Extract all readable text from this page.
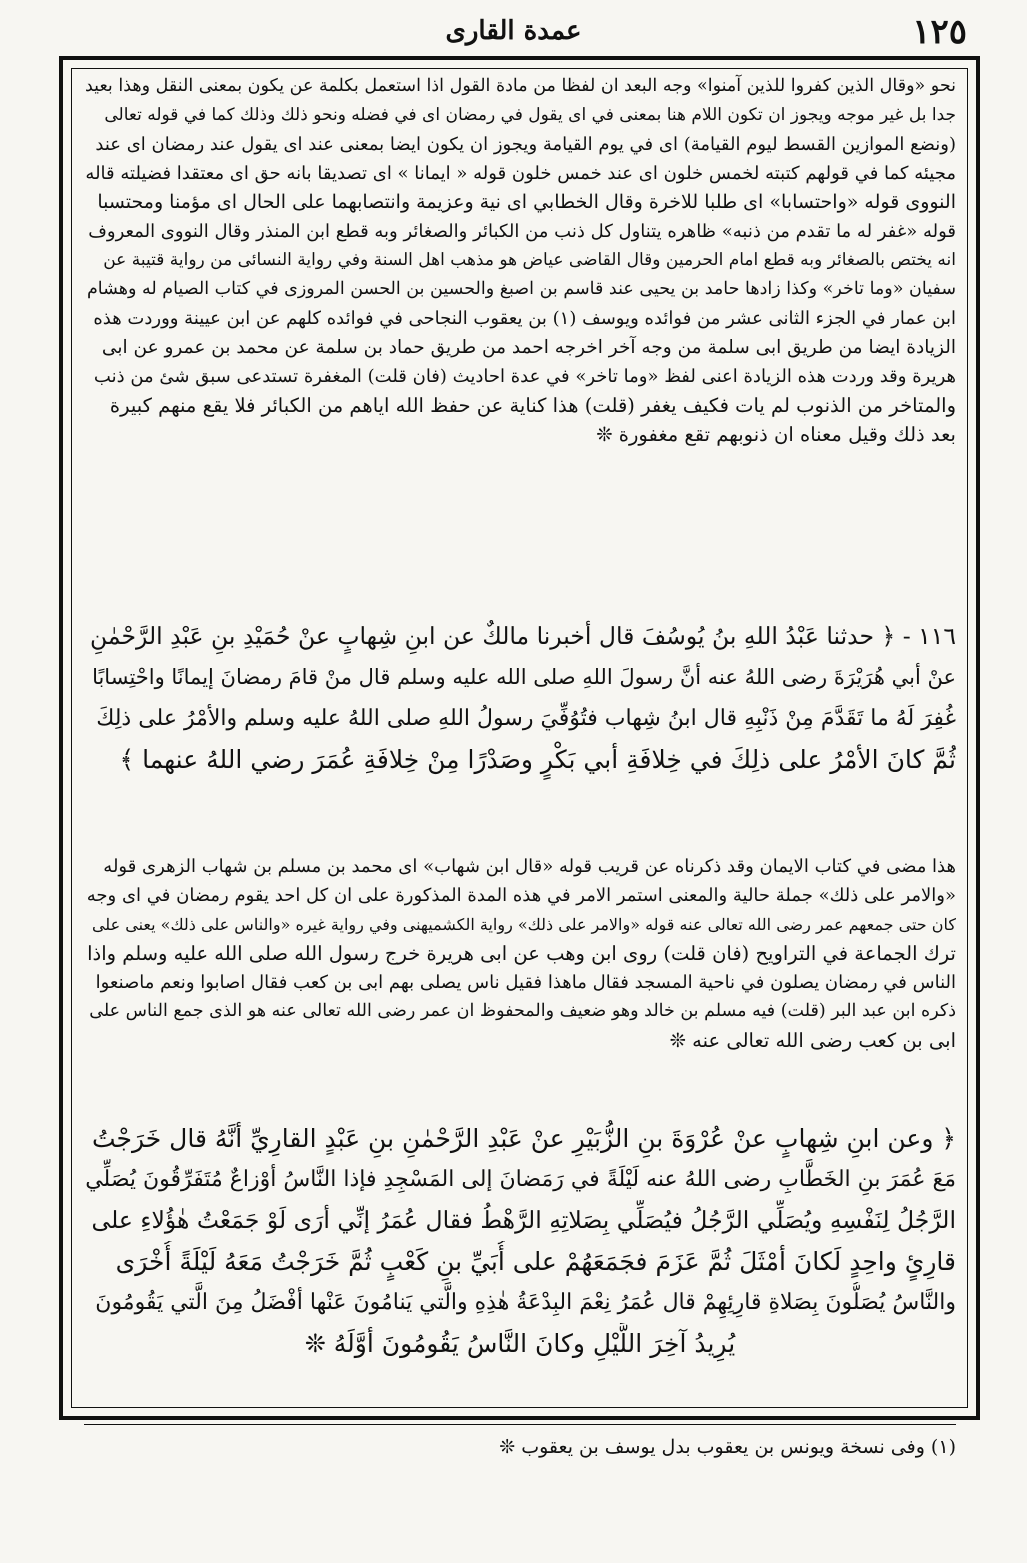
١٢٥
عمدة القارى

نحو «وقال الذين كفروا للذين آمنوا» وجه البعد ان لفظا من مادة القول اذا استعمل بكلمة عن يكون بمعنى النقل وهذا بعيد

جدا بل غير موجه ويجوز ان تكون اللام هنا بمعنى في اى يقول في رمضان اى في فضله ونحو ذلك وذلك كما في قوله تعالى

(ونضع الموازين القسط ليوم القيامة) اى في يوم القيامة ويجوز ان يكون ايضا بمعنى عند اى يقول عند رمضان اى عند

مجيئه كما في قولهم كتبته لخمس خلون اى عند خمس خلون قوله « ايمانا » اى تصديقا بانه حق اى معتقدا فضيلته قاله

النووى قوله «واحتسابا» اى طلبا للاخرة وقال الخطابي اى نية وعزيمة وانتصابهما على الحال اى مؤمنا ومحتسبا

قوله «غفر له ما تقدم من ذنبه» ظاهره يتناول كل ذنب من الكبائر والصغائر وبه قطع ابن المنذر وقال النووى المعروف

انه يختص بالصغائر وبه قطع امام الحرمين وقال القاضى عياض هو مذهب اهل السنة وفي رواية النسائى من رواية قتيبة عن

سفيان «وما تاخر» وكذا زادها حامد بن يحيى عند قاسم بن اصبغ والحسين بن الحسن المروزى في كتاب الصيام له وهشام

ابن عمار في الجزء الثانى عشر من فوائده ويوسف (١) بن يعقوب النجاحى في فوائده كلهم عن ابن عيينة ووردت هذه

الزيادة ايضا من طريق ابى سلمة من وجه آخر اخرجه احمد من طريق حماد بن سلمة عن محمد بن عمرو عن ابى

هريرة وقد وردت هذه الزيادة اعنى لفظ «وما تاخر» في عدة احاديث (فان قلت) المغفرة تستدعى سبق شئ من ذنب

والمتاخر من الذنوب لم يات فكيف يغفر (قلت) هذا كناية عن حفظ الله اياهم من الكبائر فلا يقع منهم كبيرة

بعد ذلك وقيل معناه ان ذنوبهم تقع مغفورة ❊

١١٦ - ﴿ حدثنا عَبْدُ اللهِ بنُ يُوسُفَ قال أخبرنا مالكٌ عن ابنِ شِهابٍ عنْ حُمَيْدِ بنِ عَبْدِ الرَّحْمٰنِ

عنْ أبي هُرَيْرَةَ رضى اللهُ عنه أنَّ رسولَ اللهِ صلى الله عليه وسلم قال منْ قامَ رمضانَ إيمانًا واحْتِسابًا

غُفِرَ لَهُ ما تَقَدَّمَ مِنْ ذَنْبِهِ قال ابنُ شِهاب فتُوُفِّيَ رسولُ اللهِ صلى اللهُ عليه وسلم والأمْرُ على ذلِكَ

ثُمَّ كانَ الأمْرُ على ذلِكَ في خِلافَةِ أبي بَكْرٍ وصَدْرًا مِنْ خِلافَةِ عُمَرَ رضي اللهُ عنهما ﴾

هذا مضى في كتاب الايمان وقد ذكرناه عن قريب قوله «قال ابن شهاب» اى محمد بن مسلم بن شهاب الزهرى قوله

«والامر على ذلك» جملة حالية والمعنى استمر الامر في هذه المدة المذكورة على ان كل احد يقوم رمضان في اى وجه

كان حتى جمعهم عمر رضى الله تعالى عنه قوله «والامر على ذلك» رواية الكشميهنى وفي رواية غيره «والناس على ذلك» يعنى على

ترك الجماعة في التراويح (فان قلت) روى ابن وهب عن ابى هريرة خرج رسول الله صلى الله عليه وسلم واذا

الناس في رمضان يصلون في ناحية المسجد فقال ماهذا فقيل ناس يصلى بهم ابى بن كعب فقال اصابوا ونعم ماصنعوا

ذكره ابن عبد البر (قلت) فيه مسلم بن خالد وهو ضعيف والمحفوظ ان عمر رضى الله تعالى عنه هو الذى جمع الناس على

ابى بن كعب رضى الله تعالى عنه ❊

﴿ وعن ابنِ شِهابٍ عنْ عُرْوَةَ بنِ الزُّبَيْرِ عنْ عَبْدِ الرَّحْمٰنِ بنِ عَبْدٍ القارِيِّ أنَّهُ قال خَرَجْتُ

مَعَ عُمَرَ بنِ الخَطَّابِ رضى اللهُ عنه لَيْلَةً في رَمَضانَ إلى المَسْجِدِ فإذا النَّاسُ أوْزاعٌ مُتَفَرِّقُونَ يُصَلِّي

الرَّجُلُ لِنَفْسِهِ ويُصَلِّي الرَّجُلُ فيُصَلِّي بِصَلاتِهِ الرَّهْطُ فقال عُمَرُ إنِّي أرَى لَوْ جَمَعْتُ هٰؤُلاءِ على

قارِئٍ واحِدٍ لَكانَ أمْثَلَ ثُمَّ عَزَمَ فجَمَعَهُمْ على أُبَيِّ بنِ كَعْبٍ ثُمَّ خَرَجْتُ مَعَهُ لَيْلَةً أُخْرَى

والنَّاسُ يُصَلُّونَ بِصَلاةِ قارِئِهِمْ قال عُمَرُ نِعْمَ البِدْعَةُ هٰذِهِ والَّتي يَنامُونَ عَنْها أفْضَلُ مِنَ الَّتي يَقُومُونَ

يُرِيدُ آخِرَ اللَّيْلِ وكانَ النَّاسُ يَقُومُونَ أوَّلَهُ ❊

(١) وفى نسخة ويونس بن يعقوب بدل يوسف بن يعقوب ❊
